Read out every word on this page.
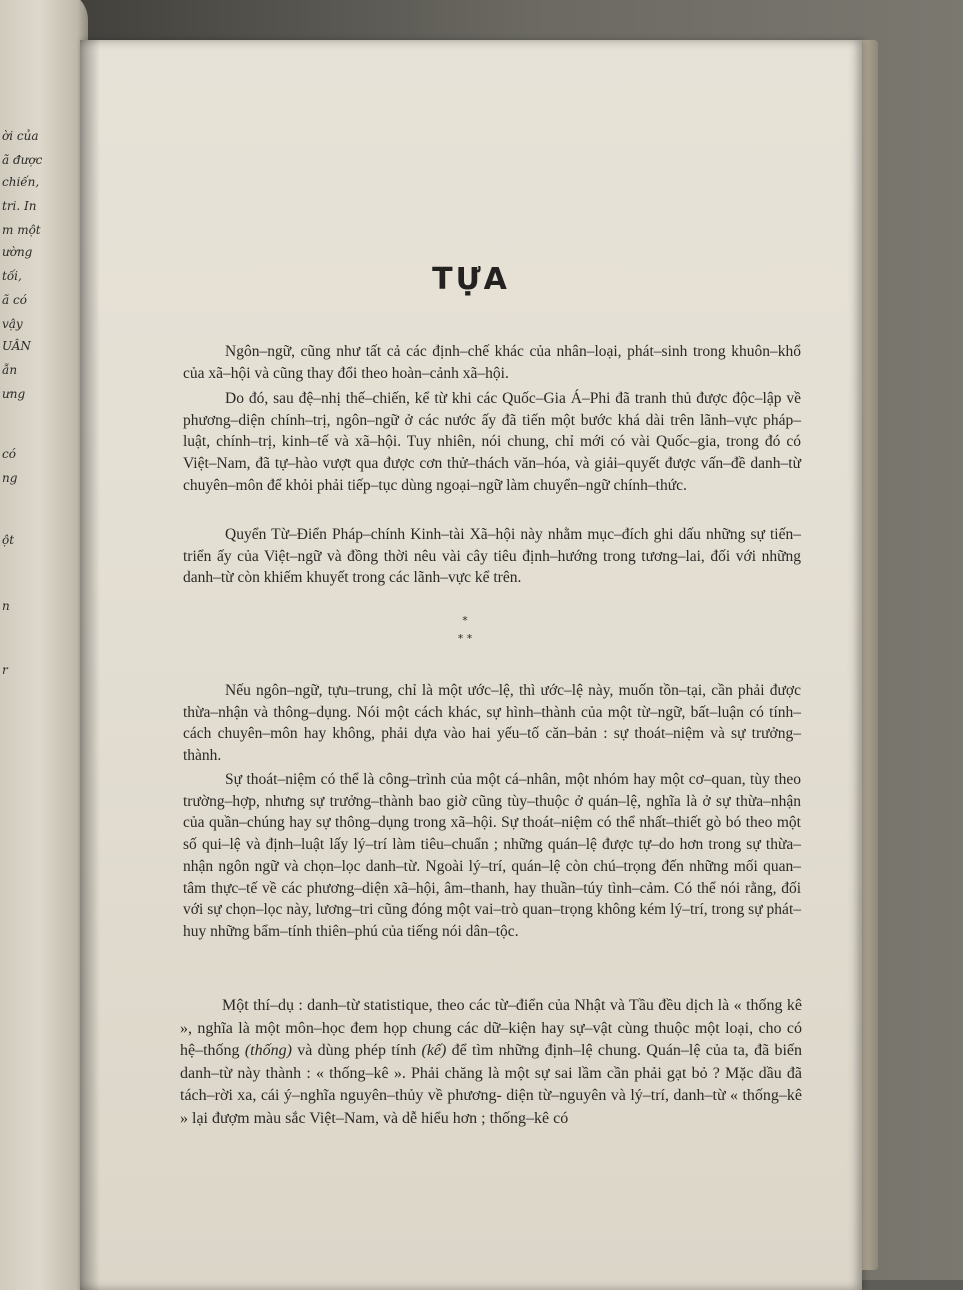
ời của
ã được
chiến,
tri. In
m một
ường
tối,
ã có
vậy
UÂN
ẫn
ưng
có
ng
ột
n
r
TỰA

Ngôn–ngữ, cũng như tất cả các định–chế khác của nhân–loại, phát–sinh trong khuôn–khổ của xã–hội và cũng thay đổi theo hoàn–cảnh xã–hội.

Do đó, sau đệ–nhị thế–chiến, kể từ khi các Quốc–Gia Á–Phi đã tranh thủ được độc–lập về phương–diện chính–trị, ngôn–ngữ ở các nước ấy đã tiến một bước khá dài trên lãnh–vực pháp–luật, chính–trị, kinh–tế và xã–hội. Tuy nhiên, nói chung, chỉ mới có vài Quốc–gia, trong đó có Việt–Nam, đã tự–hào vượt qua được cơn thử–thách văn–hóa, và giải–quyết được vấn–đề danh–từ chuyên–môn để khỏi phải tiếp–tục dùng ngoại–ngữ làm chuyển–ngữ chính–thức.

Quyển Từ–Điển Pháp–chính Kinh–tài Xã–hội này nhằm mục–đích ghi dấu những sự tiến–triển ấy của Việt–ngữ và đồng thời nêu vài cây tiêu định–hướng trong tương–lai, đối với những danh–từ còn khiếm khuyết trong các lãnh–vực kể trên.

*
* *

Nếu ngôn–ngữ, tựu–trung, chỉ là một ước–lệ, thì ước–lệ này, muốn tồn–tại, cần phải được thừa–nhận và thông–dụng. Nói một cách khác, sự hình–thành của một từ–ngữ, bất–luận có tính–cách chuyên–môn hay không, phải dựa vào hai yếu–tố căn–bản : sự thoát–niệm và sự trưởng–thành.

Sự thoát–niệm có thể là công–trình của một cá–nhân, một nhóm hay một cơ–quan, tùy theo trường–hợp, nhưng sự trưởng–thành bao giờ cũng tùy–thuộc ở quán–lệ, nghĩa là ở sự thừa–nhận của quần–chúng hay sự thông–dụng trong xã–hội. Sự thoát–niệm có thể nhất–thiết gò bó theo một số qui–lệ và định–luật lấy lý–trí làm tiêu–chuẩn ; những quán–lệ được tự–do hơn trong sự thừa–nhận ngôn ngữ và chọn–lọc danh–từ. Ngoài lý–trí, quán–lệ còn chú–trọng đến những mối quan–tâm thực–tế về các phương–diện xã–hội, âm–thanh, hay thuần–túy tình–cảm. Có thể nói rằng, đối với sự chọn–lọc này, lương–tri cũng đóng một vai–trò quan–trọng không kém lý–trí, trong sự phát–huy những bẩm–tính thiên–phú của tiếng nói dân–tộc.

Một thí–dụ : danh–từ statistique, theo các từ–điển của Nhật và Tầu đều dịch là « thống kê », nghĩa là một môn–học đem họp chung các dữ–kiện hay sự–vật cùng thuộc một loại, cho có hệ–thống (thống) và dùng phép tính (kế) để tìm những định–lệ chung. Quán–lệ của ta, đã biến danh–từ này thành : « thống–kê ». Phải chăng là một sự sai lầm cần phải gạt bỏ ? Mặc dầu đã tách–rời xa, cái ý–nghĩa nguyên–thủy về phương- diện từ–nguyên và lý–trí, danh–từ « thống–kê » lại đượm màu sắc Việt–Nam, và dễ hiểu hơn ; thống–kê có
